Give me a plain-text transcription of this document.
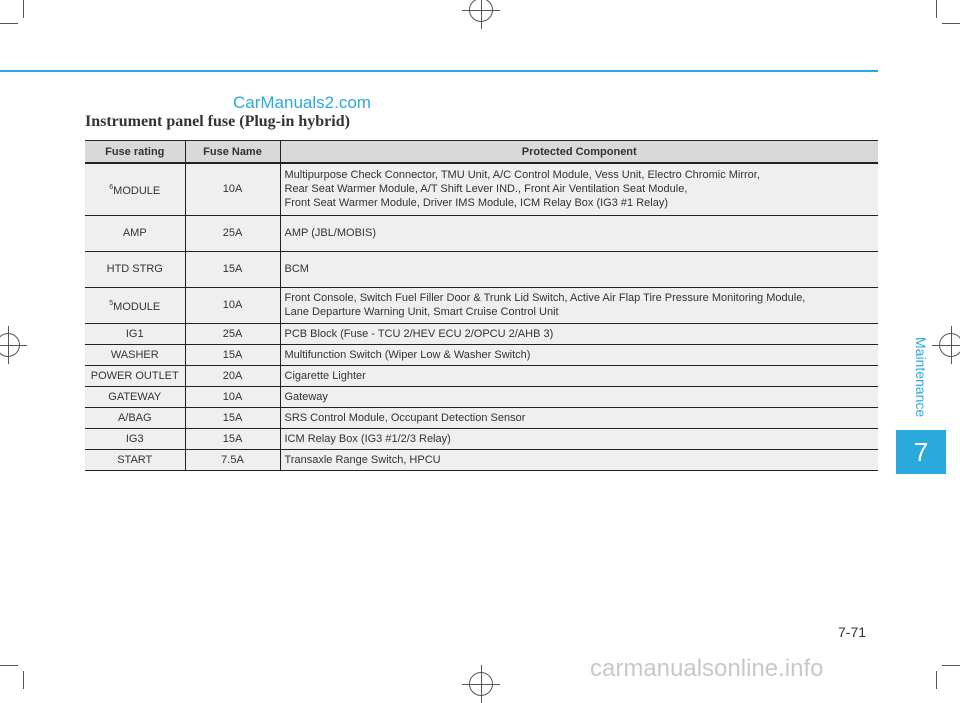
CarManuals2.com
Instrument panel fuse (Plug-in hybrid)
Fuse rating	Fuse Name	Protected Component
$^6$MODULE	10A	Multipurpose Check Connector, TMU Unit, A/C Control Module, Vess Unit, Electro Chromic Mirror,
Rear Seat Warmer Module, A/T Shift Lever IND., Front Air Ventilation Seat Module,
Front Seat Warmer Module, Driver IMS Module, ICM Relay Box (IG3 #1 Relay)
AMP	25A	AMP (JBL/MOBIS)
HTD STRG	15A	BCM
$^5$MODULE	10A	Front Console, Switch Fuel Filler Door & Trunk Lid Switch, Active Air Flap Tire Pressure Monitoring Module,
Lane Departure Warning Unit, Smart Cruise Control Unit
IG1	25A	PCB Block (Fuse - TCU 2/HEV ECU 2/OPCU 2/AHB 3)
WASHER	15A	Multifunction Switch (Wiper Low & Washer Switch)
POWER OUTLET	20A	Cigarette Lighter
GATEWAY	10A	Gateway
A/BAG	15A	SRS Control Module, Occupant Detection Sensor
IG3	15A	ICM Relay Box (IG3 #1/2/3 Relay)
START	7.5A	Transaxle Range Switch, HPCU
Maintenance
7
7-71
carmanualsonline.info
